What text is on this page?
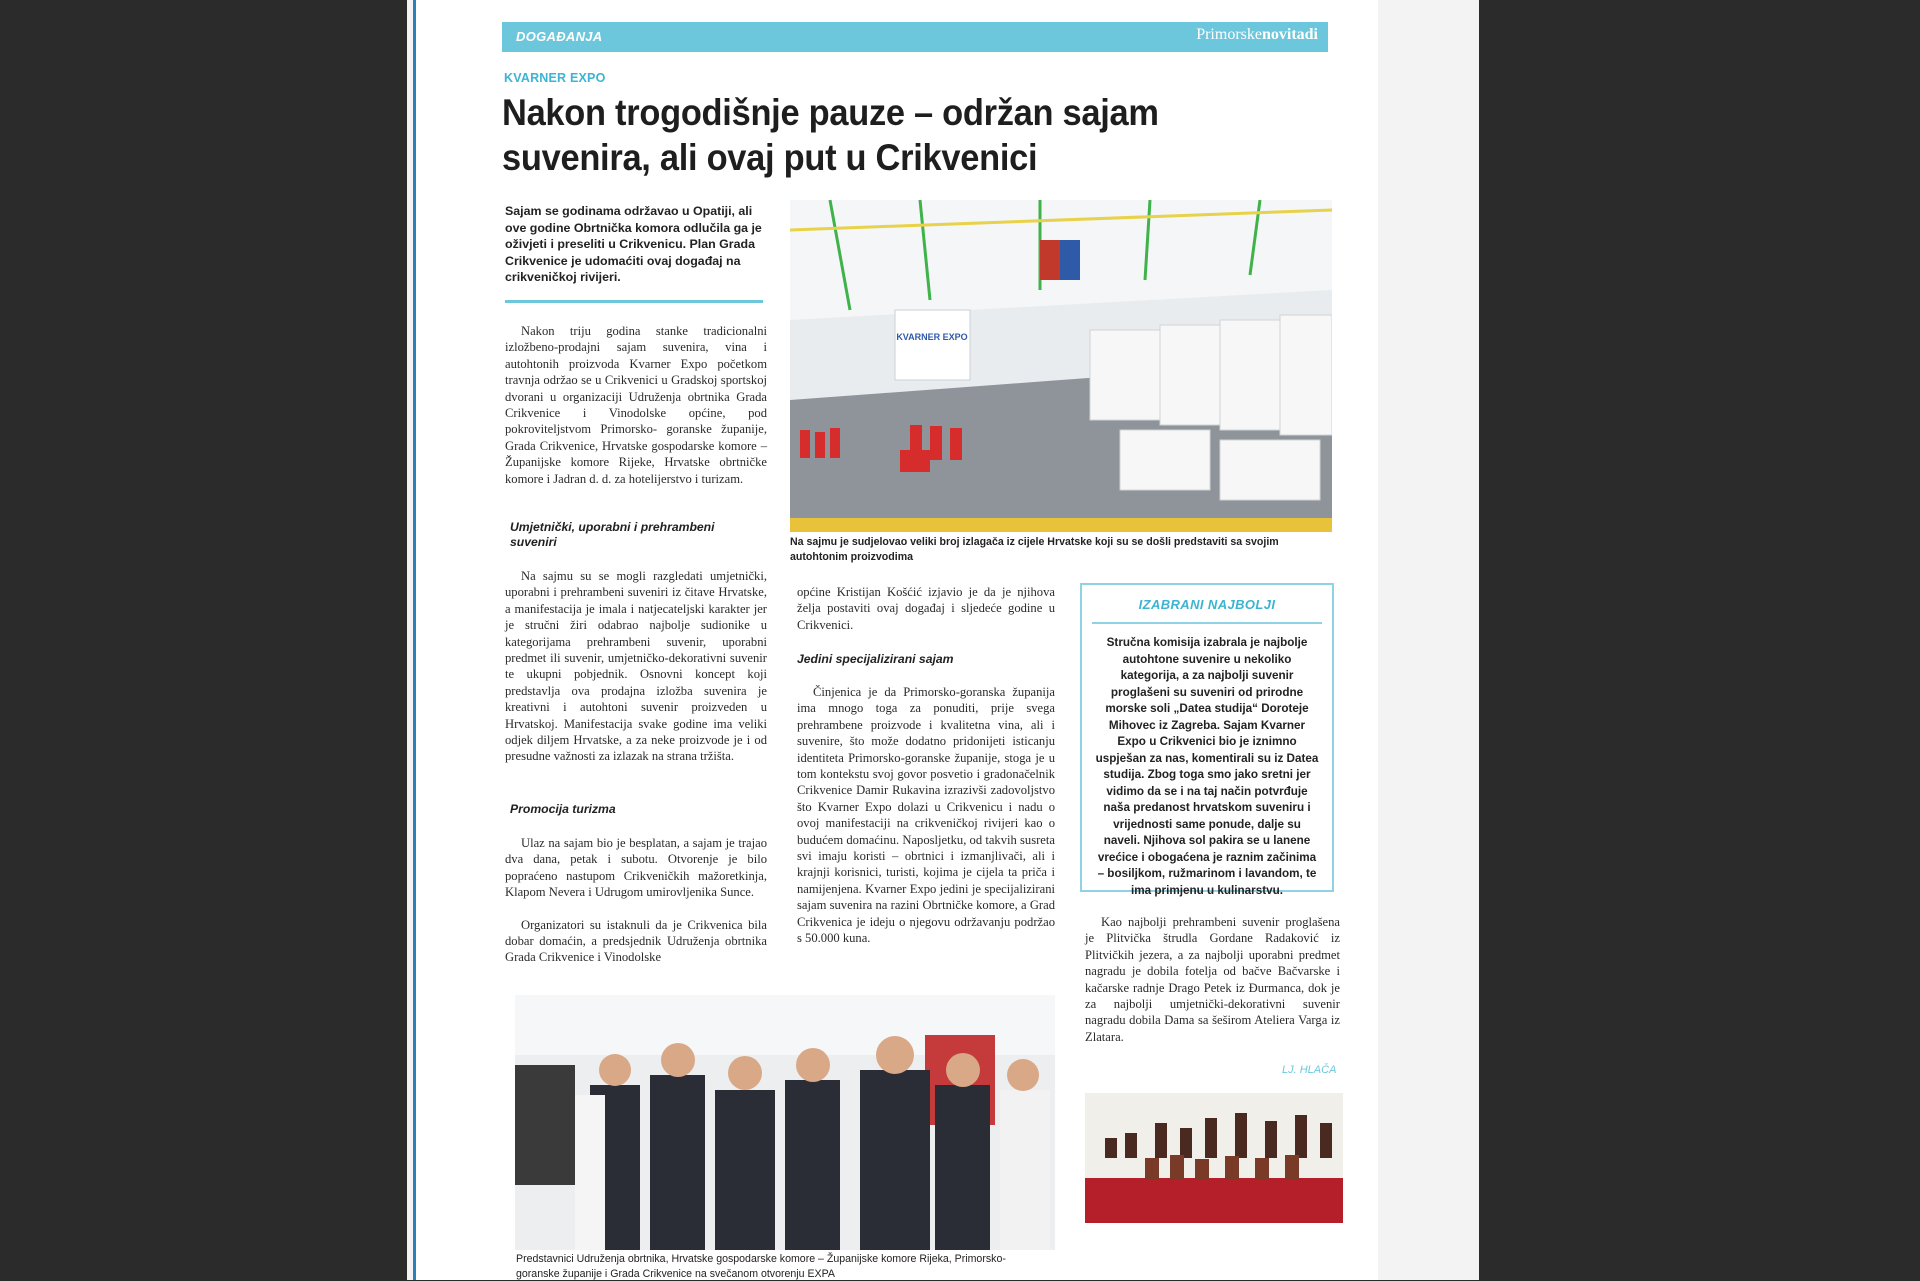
DOGAĐANJA	Primorskenovitadi
KVARNER EXPO
Nakon trogodišnje pauze – održan sajam
suvenira, ali ovaj put u Crikvenici
Sajam se godinama održavao u Opatiji, ali ove godine Obrtnička komora odlučila ga je oživjeti i preseliti u Crikvenicu. Plan Grada Crikvenice je udomaćiti ovaj događaj na crikveničkoj rivijeri.

Nakon triju godina stanke tradicionalni izložbeno-prodajni sajam suvenira, vina i autohtonih proizvoda Kvarner Expo početkom travnja održao se u Crikvenici u Gradskoj sportskoj dvorani u organizaciji Udruženja obrtnika Grada Crikvenice i Vinodolske općine, pod pokroviteljstvom Primorsko- goranske županije, Grada Crikvenice, Hrvatske gospodarske komore – Županijske komore Rijeke, Hrvatske obrtničke komore i Jadran d. d. za hotelijerstvo i turizam.

Umjetnički, uporabni i prehrambeni suveniri

Na sajmu su se mogli razgledati umjetnički, uporabni i prehrambeni suveniri iz čitave Hrvatske, a manifestacija je imala i natjecateljski karakter jer je stručni žiri odabrao najbolje sudionike u kategorijama prehrambeni suvenir, uporabni predmet ili suvenir, umjetničko-dekorativni suvenir te ukupni pobjednik. Osnovni koncept koji predstavlja ova prodajna izložba suvenira je kreativni i autohtoni suvenir proizveden u Hrvatskoj. Manifestacija svake godine ima veliki odjek diljem Hrvatske, a za neke proizvode je i od presudne važnosti za izlazak na strana tržišta.

Promocija turizma

Ulaz na sajam bio je besplatan, a sajam je trajao dva dana, petak i subotu. Otvorenje je bilo popraćeno nastupom Crikveničkih mažoretkinja, Klapom Nevera i Udrugom umirovljenika Sunce.

Organizatori su istaknuli da je Crikvenica bila dobar domaćin, a predsjednik Udruženja obrtnika Grada Crikvenice i Vinodolske

KVARNER EXPO
Na sajmu je sudjelovao veliki broj izlagača iz cijele Hrvatske koji su se došli predstaviti sa svojim autohtonim proizvodima

općine Kristijan Košćić izjavio je da je njihova želja postaviti ovaj događaj i sljedeće godine u Crikvenici.

Jedini specijalizirani sajam

Činjenica je da Primorsko-goranska županija ima mnogo toga za ponuditi, prije svega prehrambene proizvode i kvalitetna vina, ali i suvenire, što može dodatno pridonijeti isticanju identiteta Primorsko-goranske županije, stoga je u tom kontekstu svoj govor posvetio i gradonačelnik Crikvenice Damir Rukavina izrazivši zadovoljstvo što Kvarner Expo dolazi u Crikvenicu i nadu o ovoj manifestaciji na crikveničkoj rivijeri kao o budućem domaćinu. Naposljetku, od takvih susreta svi imaju koristi – obrtnici i izmanjlivači, ali i krajnji korisnici, turisti, kojima je cijela ta priča i namijenjena. Kvarner Expo jedini je specijalizirani sajam suvenira na razini Obrtničke komore, a Grad Crikvenica je ideju o njegovu održavanju podržao s 50.000 kuna.

IZABRANI NAJBOLJI
Stručna komisija izabrala je najbolje autohtone suvenire u nekoliko kategorija, a za najbolji suvenir proglašeni su suveniri od prirodne morske soli „Datea studija“ Doroteje Mihovec iz Zagreba. Sajam Kvarner Expo u Crikvenici bio je iznimno uspješan za nas, komentirali su iz Datea studija. Zbog toga smo jako sretni jer vidimo da se i na taj način potvrđuje naša predanost hrvatskom suveniru i vrijednosti same ponude, dalje su naveli. Njihova sol pakira se u lanene vrećice i obogaćena je raznim začinima – bosiljkom, ružmarinom i lavandom, te ima primjenu u kulinarstvu.

Kao najbolji prehrambeni suvenir proglašena je Plitvička štrudla Gordane Radaković iz Plitvičkih jezera, a za najbolji uporabni predmet nagradu je dobila fotelja od bačve Bačvarske i kačarske radnje Drago Petek iz Đurmanca, dok je za najbolji umjetnički-dekorativni suvenir nagradu dobila Dama sa šeširom Ateliera Varga iz Zlatara.

LJ. HLAČA
Predstavnici Udruženja obrtnika, Hrvatske gospodarske komore – Županijske komore Rijeka, Primorsko- goranske županije i Grada Crikvenice na svečanom otvorenju EXPA
